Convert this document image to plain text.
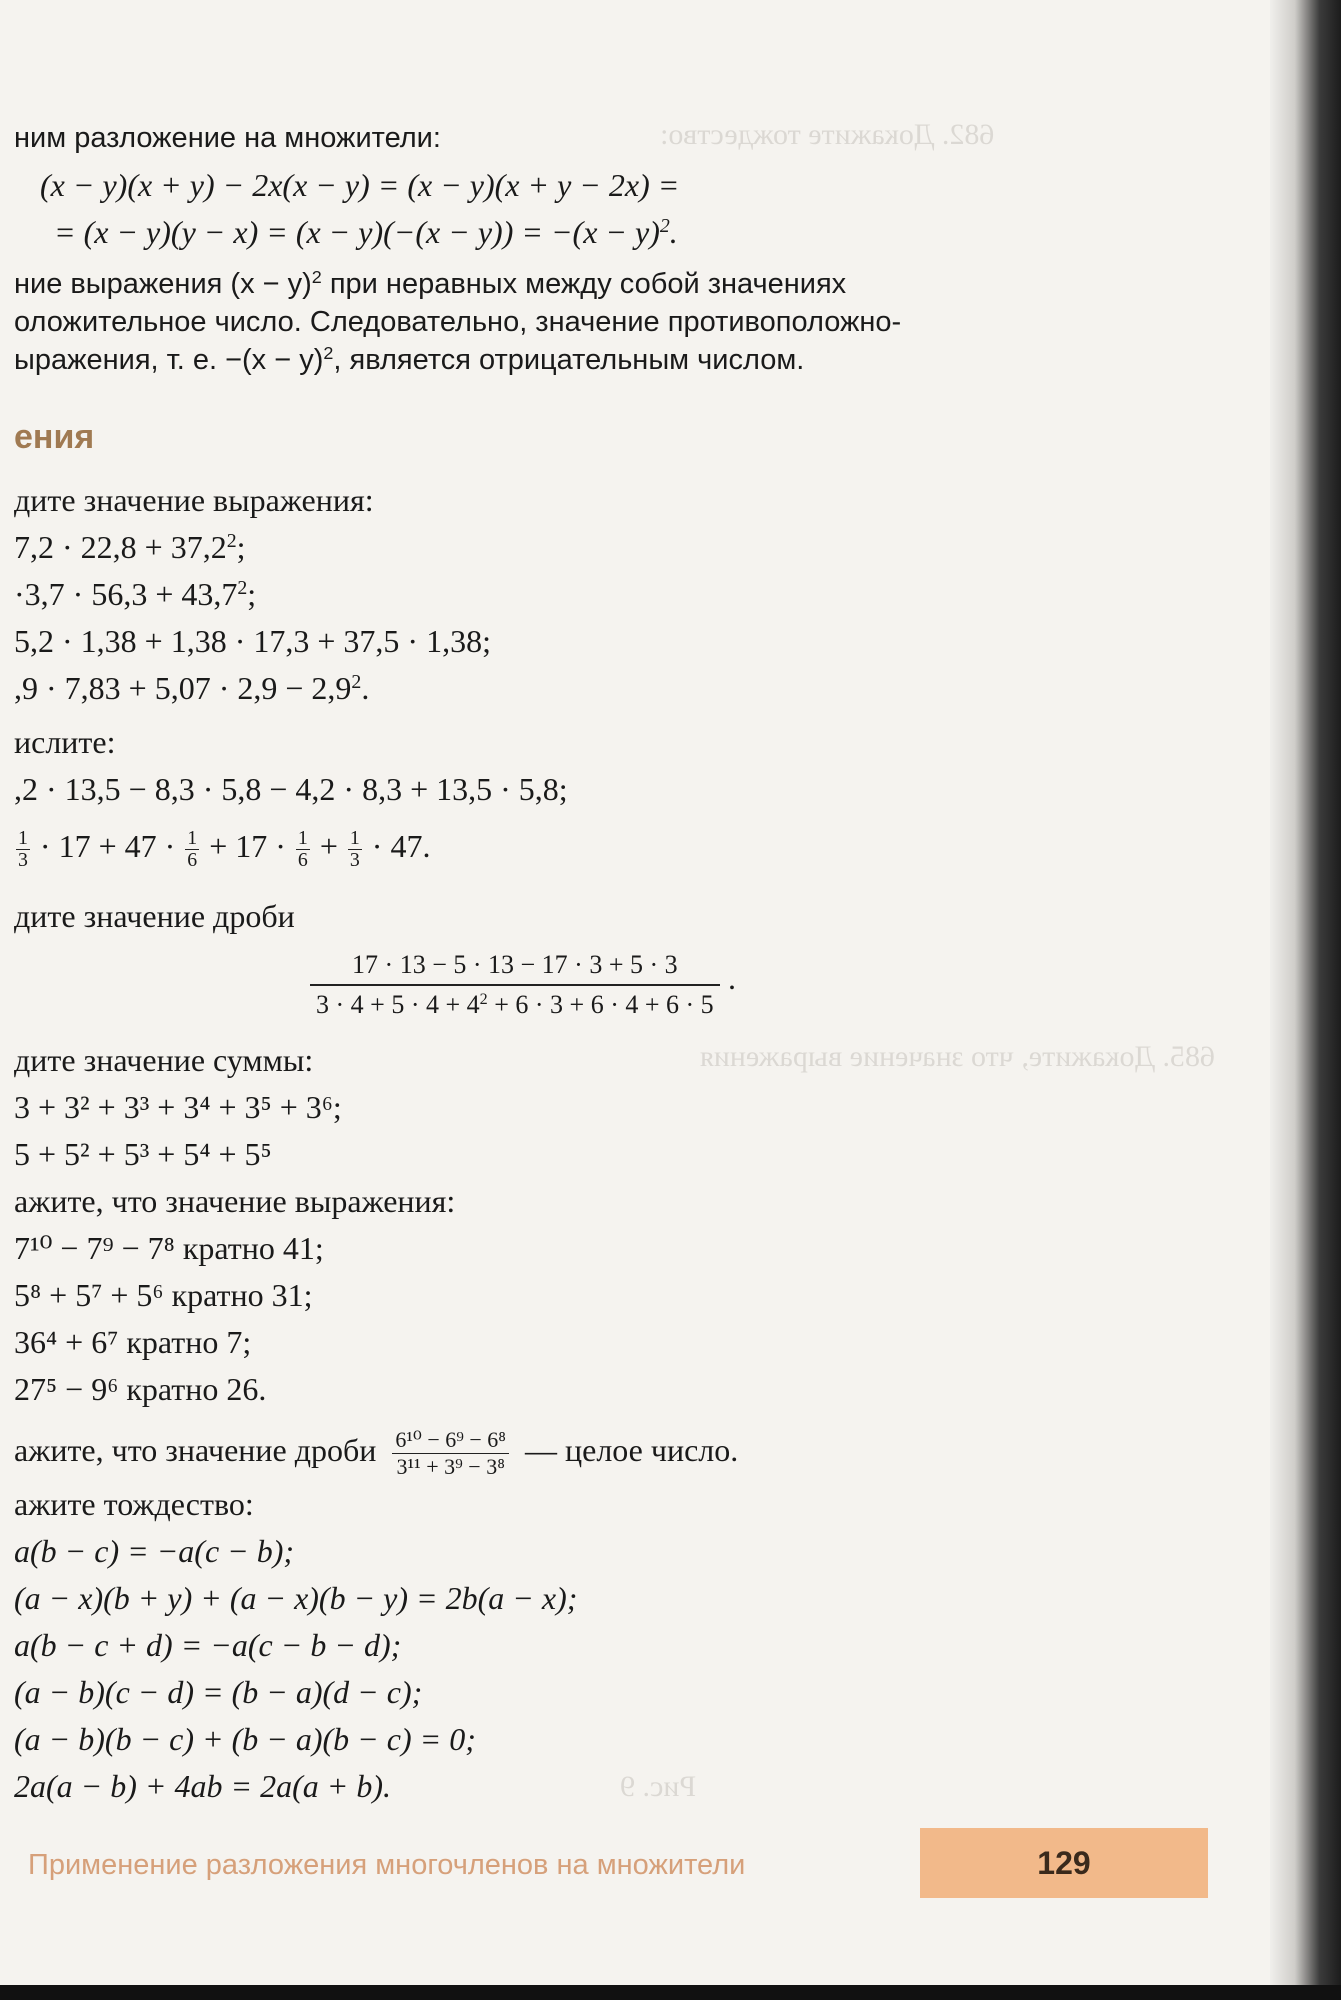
682. Докажите тождество:
685. Докажите, что значение выражения
Рис. 9
ним разложение на множители:
(x − y)(x + y) − 2x(x − y) = (x − y)(x + y − 2x) =
= $(x - y)(y - x) = (x - y)(-(x - y)) = -(x - y)^2$.
ние выражения $(x - y)^2$ при неравных между собой значениях
оложительное число. Следовательно, значение противоположно-
ыражения, т. е. $-(x - y)^2$, является отрицательным числом.
ения
дите значение выражения:
$7,2 \cdot 22,8 + 37,2^2$;
$\cdot 3,7 \cdot 56,3 + 43,7^2$;
5,2 · 1,38 + 1,38 · 17,3 + 37,5 · 1,38;
$,9 \cdot 7,83 + 5,07 \cdot 2,9 - 2,9^2$.
ислите:
,2 · 13,5 − 8,3 · 5,8 − 4,2 · 8,3 + 13,5 · 5,8;
$\frac{1}{3} \cdot 17 + 47 \cdot \frac{1}{6} + 17 \cdot \frac{1}{6} + \frac{1}{3} \cdot 47$.
дите значение дроби
17 · 13 − 5 · 13 − 17 · 3 + 5 · 3
$3 \cdot 4 + 5 \cdot 4 + 4^2 + 6 \cdot 3 + 6 \cdot 4 + 6 \cdot 5$
.
дите значение суммы:
3 + 3² + 3³ + 3⁴ + 3⁵ + 3⁶;
5 + 5² + 5³ + 5⁴ + 5⁵
ажите, что значение выражения:
7¹⁰ − 7⁹ − 7⁸ кратно 41;
5⁸ + 5⁷ + 5⁶ кратно 31;
36⁴ + 6⁷ кратно 7;
27⁵ − 9⁶ кратно 26.
ажите, что значение дроби $\frac{\text{6¹⁰ − 6⁹ − 6⁸}}{\text{3¹¹ + 3⁹ − 3⁸}}$ — целое число.
ажите тождество:
a(b − c) = −a(c − b);
(a − x)(b + y) + (a − x)(b − y) = 2b(a − x);
a(b − c + d) = −a(c − b − d);
(a − b)(c − d) = (b − a)(d − c);
(a − b)(b − c) + (b − a)(b − c) = 0;
2a(a − b) + 4ab = 2a(a + b).
Применение разложения многочленов на множители	129
